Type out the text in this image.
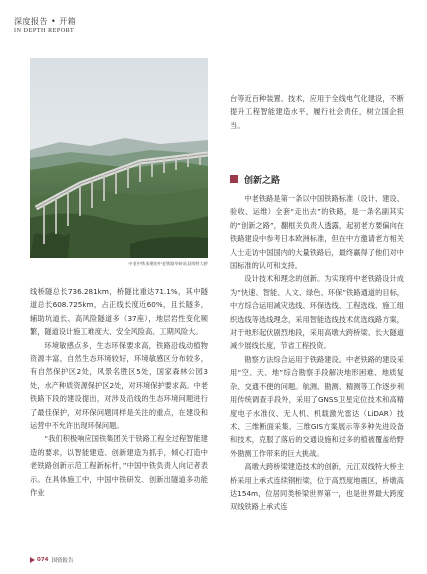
深度报告 • 开箱
IN DEPTH REPORT
中老中铁承建的中老铁路华岭站双线特大桥

线桥隧总长736.281km，桥隧比重达71.1%，其中隧道总长608.725km，占正线长度近60%，且长隧多，辅助坑道长、高风险隧道多（37座），地层岩性变化频繁，隧道设计施工难度大、安全风险高、工期风险大。

环境敏感点多，生态环保要求高，铁路沿线动植物资源丰富，自然生态环境较好，环境敏感区分布较多，有自然保护区2处，风景名胜区5处，国家森林公园3处，水产种质资源保护区2处，对环境保护要求高。中老铁路下段的建设提出，对涉及沿线的生态环境问题进行了最佳保护，对环保问题同样是关注的重点，在建设和运营中不允许出现环保问题。

“我们积极响应国铁集团关于铁路工程全过程智能建造的要求，以智能建造、创新建造为抓手，倾心打造中老铁路创新示范工程新标杆，”中国中铁负责人向记者表示。在具体施工中，中国中铁研发、创新出隧道多功能作业

台等近百种装置、技术，应用于全线电气化建设，不断提升工程智能建造水平，履行社会责任，树立国企担当。

创新之路

中老铁路是第一条以中国铁路标准（设计、建设、验收、运维）全套“走出去”的铁路，是一条名副其实的“创新之路”，翻框关负责人透露，起初老方要偏向在铁路建设中参考日本欧洲标准，但在中方邀请老方相关人士走访中国国内的大量铁路后，最终赢得了他们对中国标准的认可和支持。

设计技术和理念的创新。为实现将中老铁路设计成为“快速、智能、人文、绿色、环保”铁路通道的目标，中方综合运用减灾选线、环保选线、工程选线、施工组织选线等选线理念，采用智能选线技术优选线路方案，对于地形起伏剧烈地段，采用高墩大跨桥梁、长大隧道减少展线长度，节省工程投资。

勘察方法综合运用于铁路建设。中老铁路的建设采用“空、天、地”综合勘察手段解决地形困难、地质复杂、交通不便的问题。航测、勘测、精测等工作逐步利用传统调查手段外，采用了GNSS卫星定位技术和高精度电子水准仪、无人机、机载激光雷达（LiDAR）技术、三维断面采集、三维GIS方案展示等多种先进设备和技术，克服了落后的交通设施和过多的植被覆盖给野外勘测工作带来的巨大挑战。

高墩大跨桥梁建造技术的创新，元江双线特大桥主桥采用上承式连续钢桁梁，位于高烈度地震区，桥墩高达154m，位居同类桥梁世界第一，也是世界最大跨度双线铁路上承式连

074 国资报告
